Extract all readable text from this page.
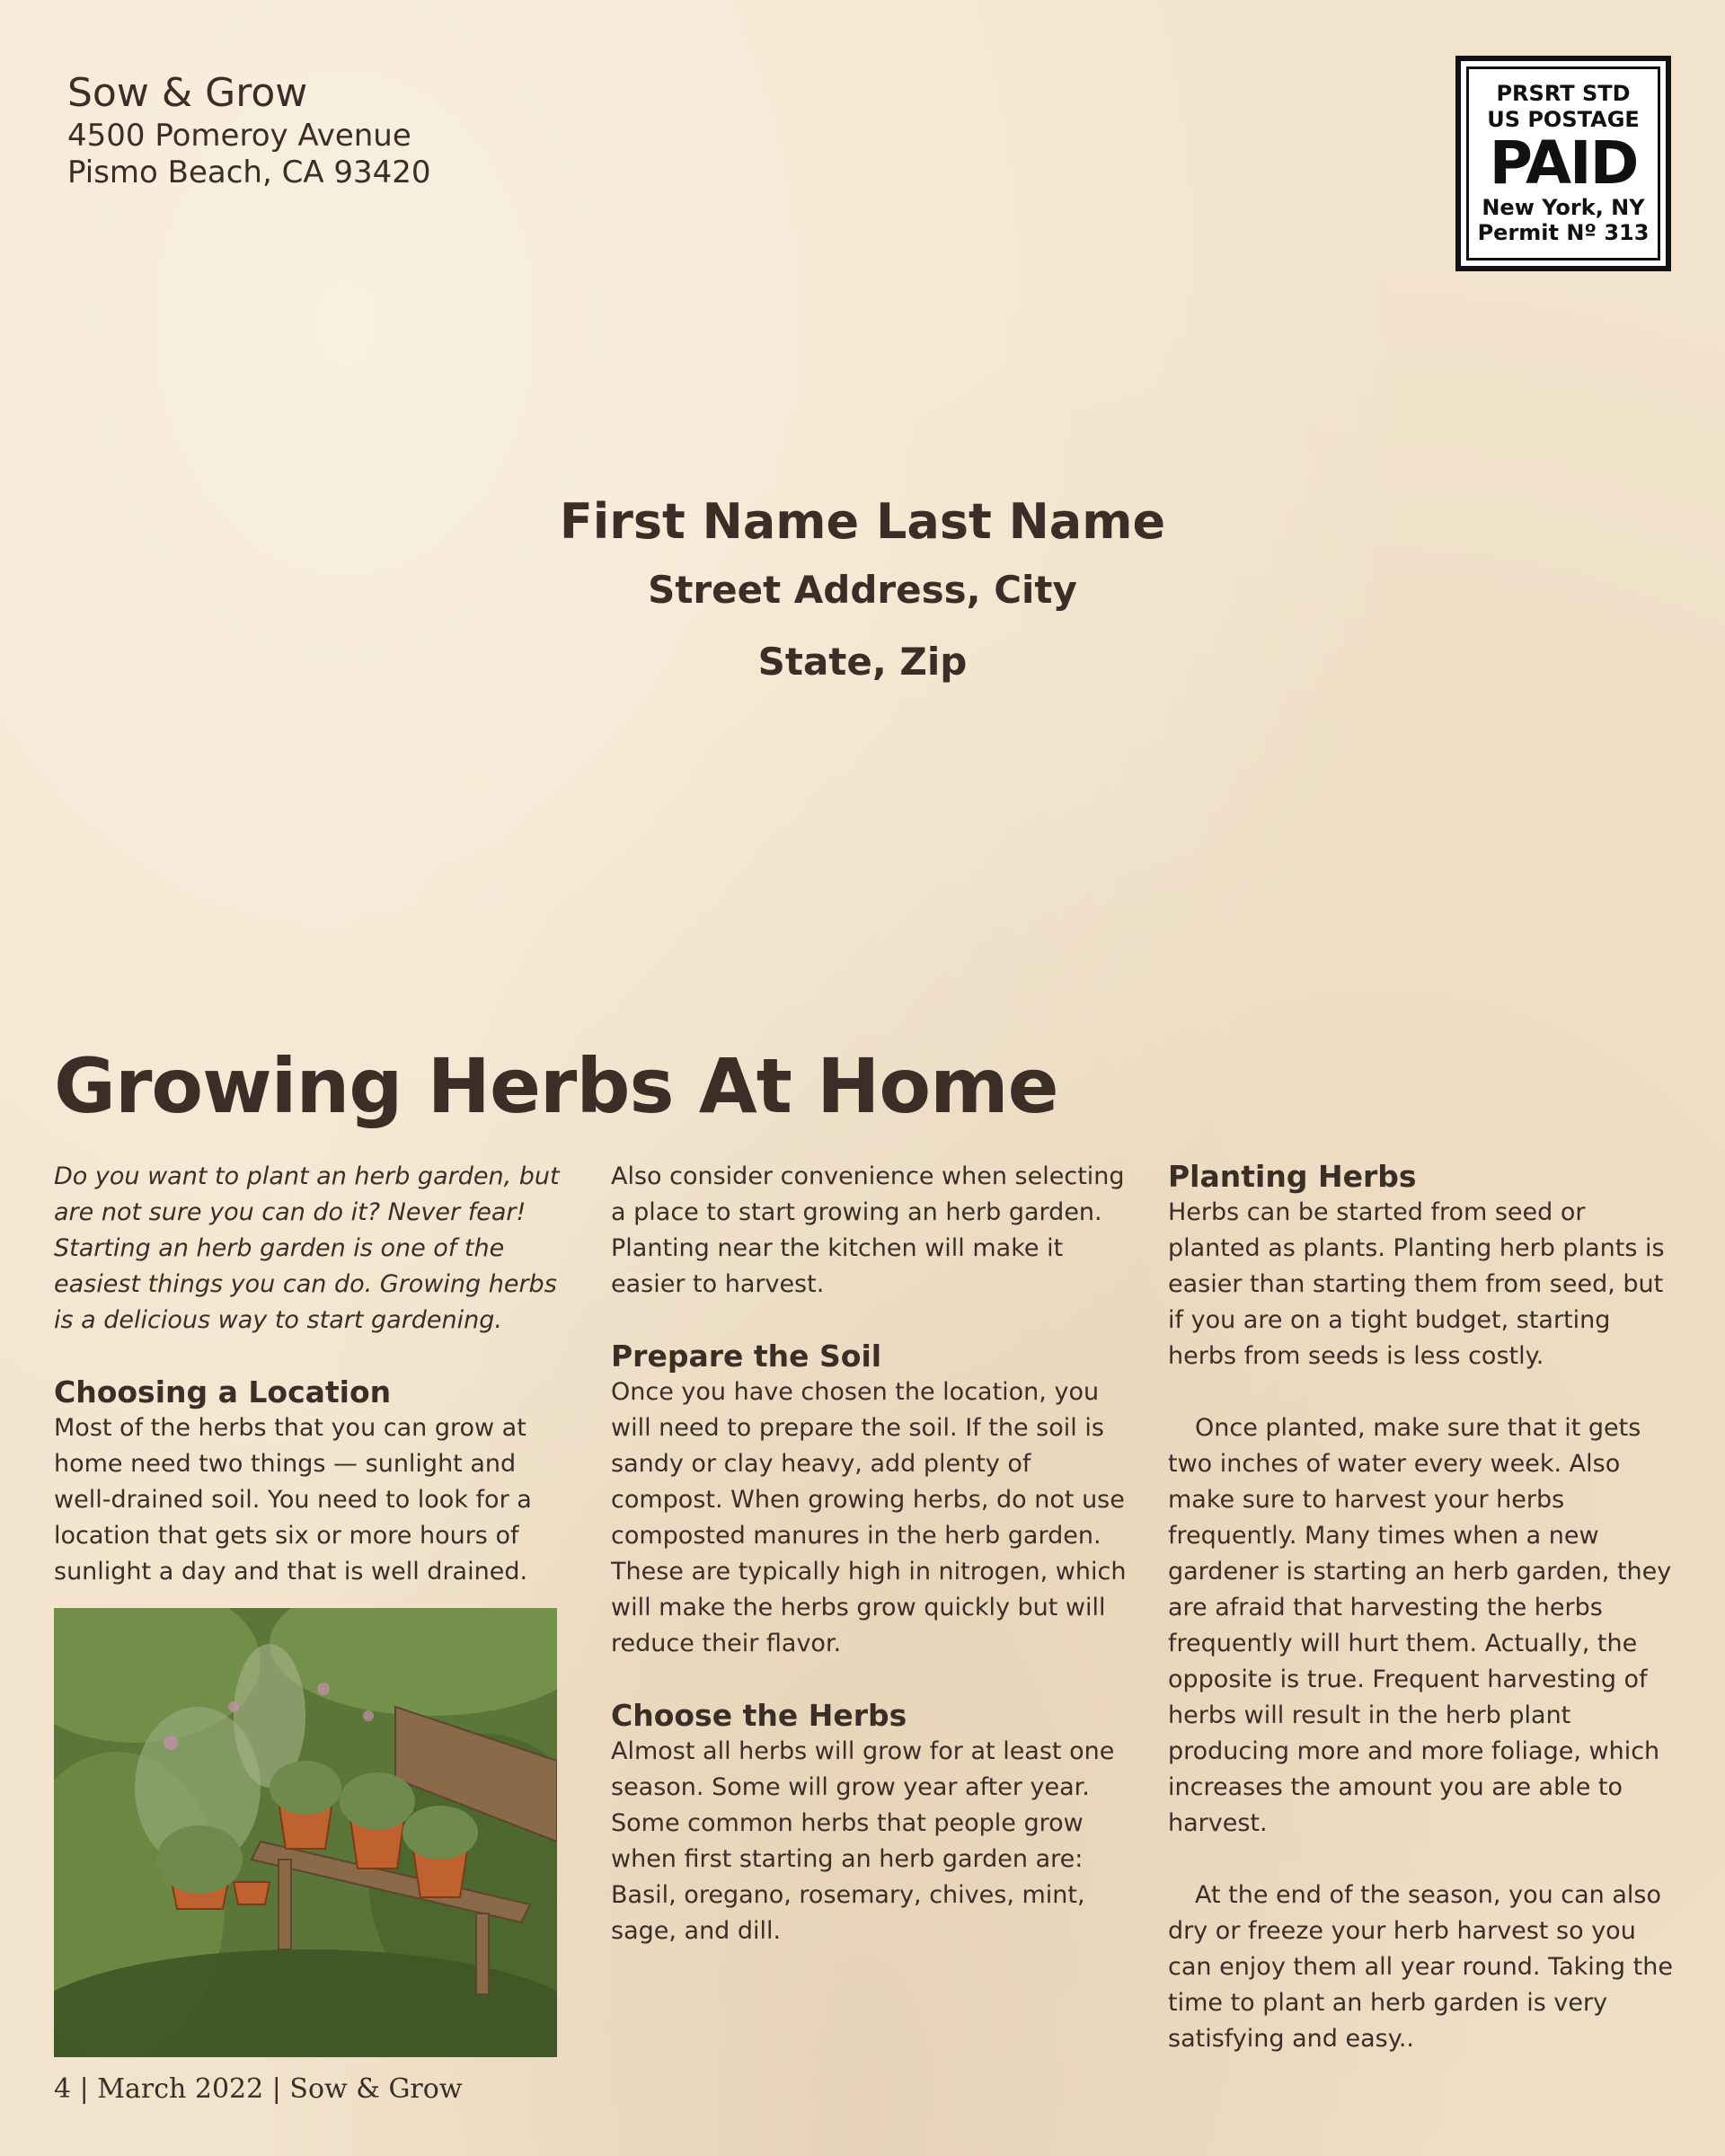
Sow & Grow
4500 Pomeroy Avenue
Pismo Beach, CA 93420
PRSRT STD
US POSTAGE
PAID
New York, NY
Permit Nº 313
First Name Last Name
Street Address, City
State, Zip
Growing Herbs At Home

Do you want to plant an herb garden, but are not sure you can do it? Never fear! Starting an herb garden is one of the easiest things you can do. Growing herbs is a delicious way to start gardening.

Choosing a Location

Most of the herbs that you can grow at home need two things — sunlight and well-drained soil. You need to look for a location that gets six or more hours of sunlight a day and that is well drained.

Also consider convenience when selecting a place to start growing an herb garden. Planting near the kitchen will make it easier to harvest.

Prepare the Soil

Once you have chosen the location, you will need to prepare the soil. If the soil is sandy or clay heavy, add plenty of compost. When growing herbs, do not use composted manures in the herb garden. These are typically high in nitrogen, which will make the herbs grow quickly but will reduce their flavor.

Choose the Herbs

Almost all herbs will grow for at least one season. Some will grow year after year. Some common herbs that people grow when first starting an herb garden are: Basil, oregano, rosemary, chives, mint, sage, and dill.

Planting Herbs

Herbs can be started from seed or planted as plants. Planting herb plants is easier than starting them from seed, but if you are on a tight budget, starting herbs from seeds is less costly.

Once planted, make sure that it gets two inches of water every week. Also make sure to harvest your herbs frequently. Many times when a new gardener is starting an herb garden, they are afraid that harvesting the herbs frequently will hurt them. Actually, the opposite is true. Frequent harvesting of herbs will result in the herb plant producing more and more foliage, which increases the amount you are able to harvest.

At the end of the season, you can also dry or freeze your herb harvest so you can enjoy them all year round. Taking the time to plant an herb garden is very satisfying and easy..

4 | March 2022 | Sow & Grow
